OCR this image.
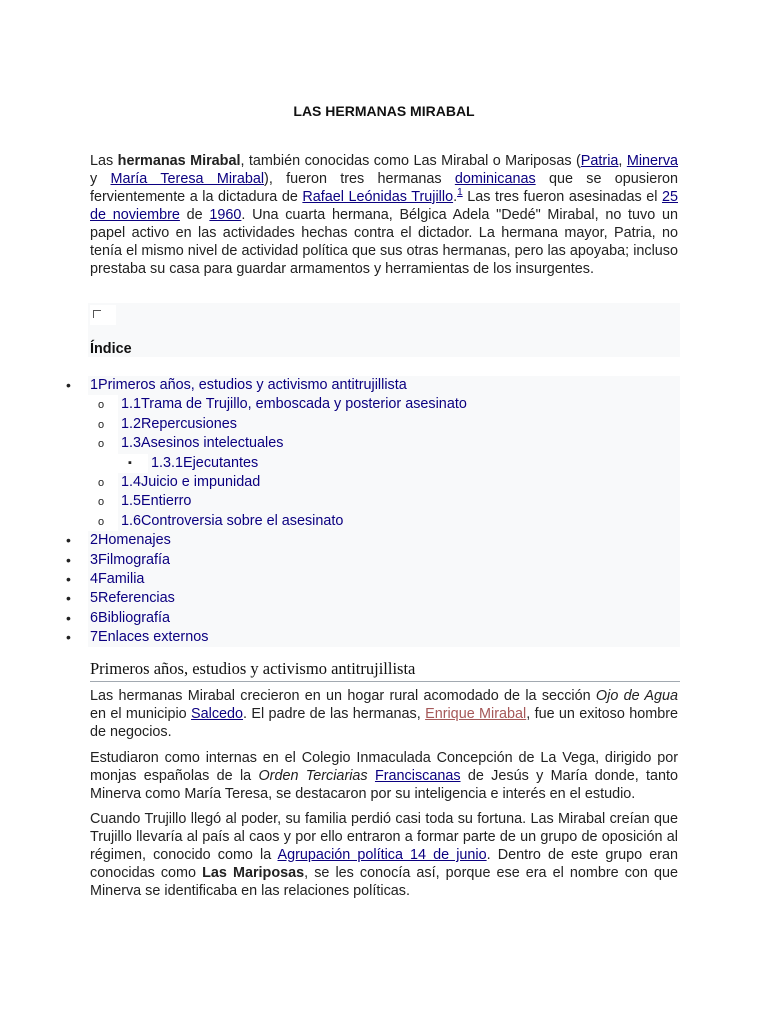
LAS HERMANAS MIRABAL

Las hermanas Mirabal, también conocidas como Las Mirabal o Mariposas (Patria, Minerva y María Teresa Mirabal), fueron tres hermanas dominicanas que se opusieron fervientemente a la dictadura de Rafael Leónidas Trujillo.$^1$ Las tres fueron asesinadas el 25 de noviembre de 1960. Una cuarta hermana, Bélgica Adela "Dedé" Mirabal, no tuvo un papel activo en las actividades hechas contra el dictador. La hermana mayor, Patria, no tenía el mismo nivel de actividad política que sus otras hermanas, pero las apoyaba; incluso prestaba su casa para guardar armamentos y herramientas de los insurgentes.

Índice
• 1Primeros años, estudios y activismo antitrujillista
o 1.1Trama de Trujillo, emboscada y posterior asesinato
o 1.2Repercusiones
o 1.3Asesinos intelectuales
▪ 1.3.1Ejecutantes
o 1.4Juicio e impunidad
o 1.5Entierro
o 1.6Controversia sobre el asesinato
• 2Homenajes
• 3Filmografía
• 4Familia
• 5Referencias
• 6Bibliografía
• 7Enlaces externos
Primeros años, estudios y activismo antitrujillista

Las hermanas Mirabal crecieron en un hogar rural acomodado de la sección Ojo de Agua en el municipio Salcedo. El padre de las hermanas, Enrique Mirabal, fue un exitoso hombre de negocios.

Estudiaron como internas en el Colegio Inmaculada Concepción de La Vega, dirigido por monjas españolas de la Orden Terciarias Franciscanas de Jesús y María donde, tanto Minerva como María Teresa, se destacaron por su inteligencia e interés en el estudio.

Cuando Trujillo llegó al poder, su familia perdió casi toda su fortuna. Las Mirabal creían que Trujillo llevaría al país al caos y por ello entraron a formar parte de un grupo de oposición al régimen, conocido como la Agrupación política 14 de junio. Dentro de este grupo eran conocidas como Las Mariposas, se les conocía así, porque ese era el nombre con que Minerva se identificaba en las relaciones políticas.
